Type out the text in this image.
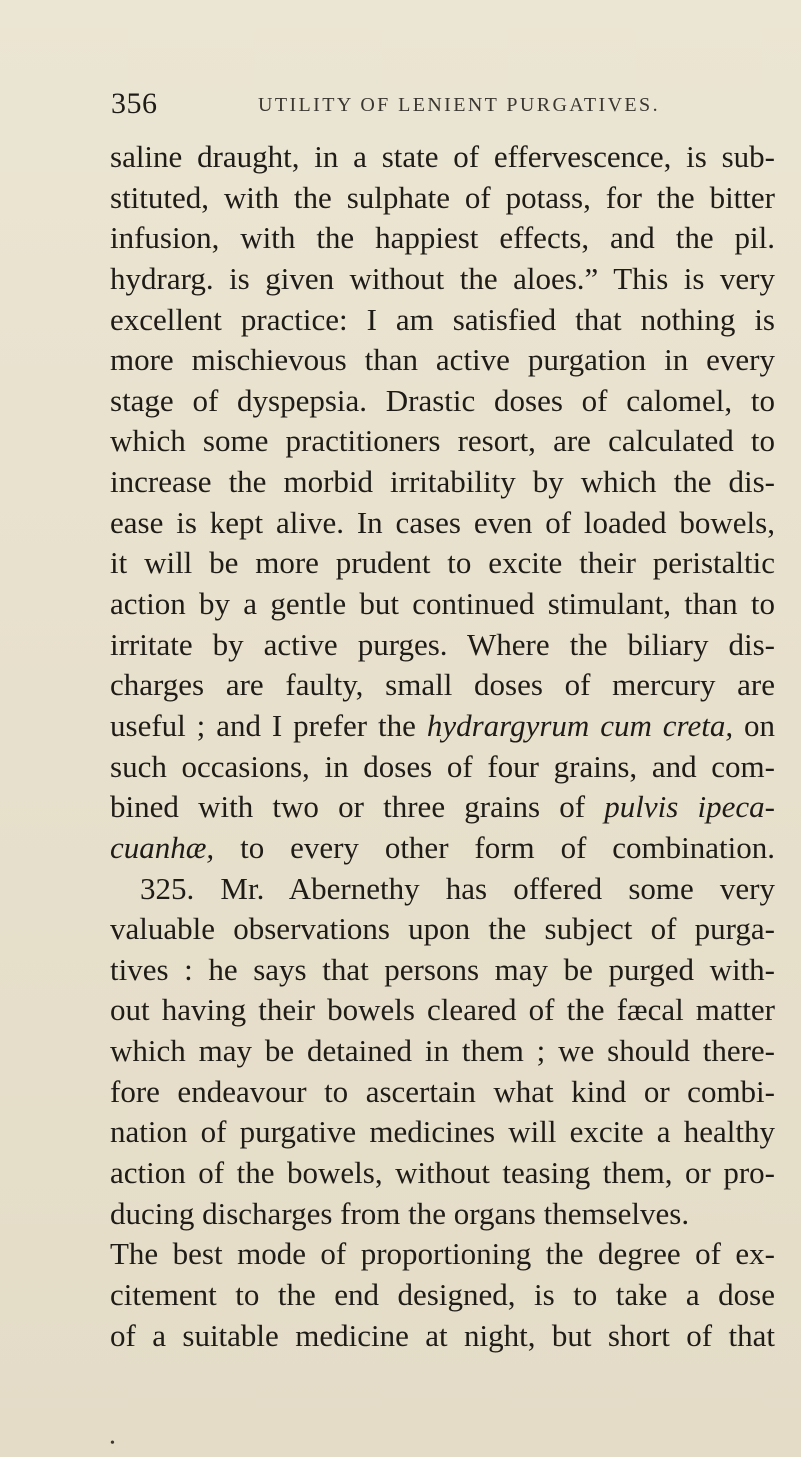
356	UTILITY OF LENIENT PURGATIVES.
saline draught, in a state of effervescence, is sub-
stituted, with the sulphate of potass, for the bitter
infusion, with the happiest effects, and the pil.
hydrarg. is given without the aloes.” This is very
excellent practice: I am satisfied that nothing is
more mischievous than active purgation in every
stage of dyspepsia. Drastic doses of calomel, to
which some practitioners resort, are calculated to
increase the morbid irritability by which the dis-
ease is kept alive. In cases even of loaded bowels,
it will be more prudent to excite their peristaltic
action by a gentle but continued stimulant, than to
irritate by active purges. Where the biliary dis-
charges are faulty, small doses of mercury are
useful ; and I prefer the hydrargyrum cum creta, on
such occasions, in doses of four grains, and com-
bined with two or three grains of pulvis ipeca-
cuanhæ, to every other form of combination.
325. Mr. Abernethy has offered some very
valuable observations upon the subject of purga-
tives : he says that persons may be purged with-
out having their bowels cleared of the fæcal matter
which may be detained in them ; we should there-
fore endeavour to ascertain what kind or combi-
nation of purgative medicines will excite a healthy
action of the bowels, without teasing them, or pro-
ducing discharges from the organs themselves.
The best mode of proportioning the degree of ex-
citement to the end designed, is to take a dose
of a suitable medicine at night, but short of that
•
